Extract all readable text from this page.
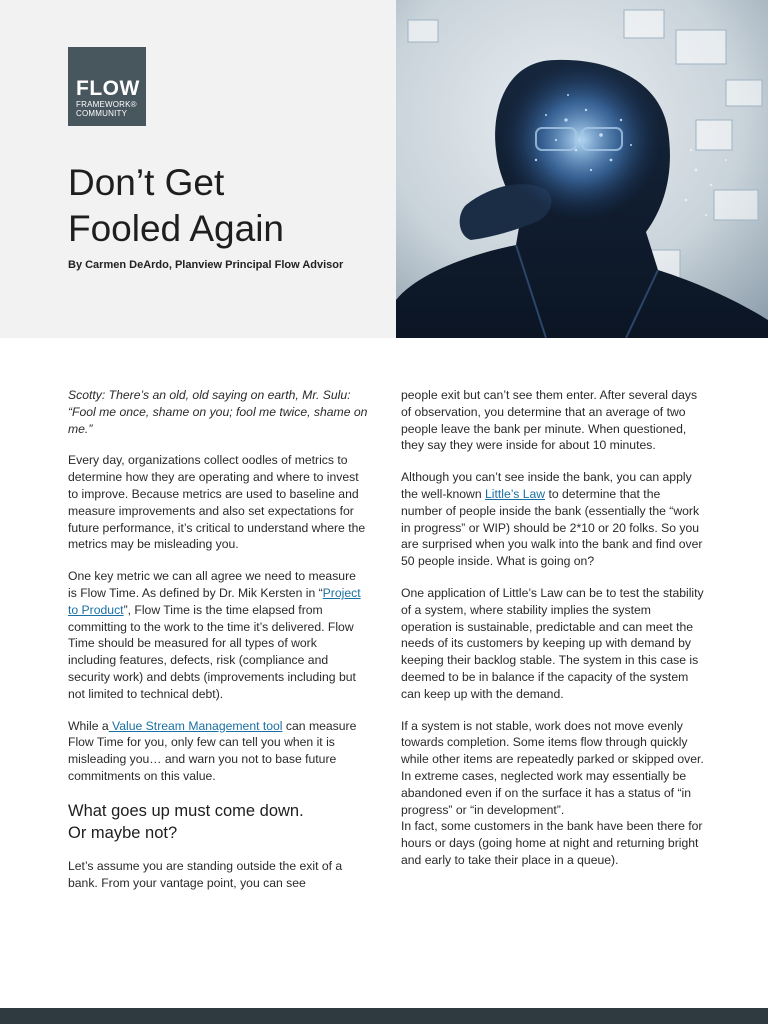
FLOW
FRAMEWORK®
COMMUNITY
Don’t Get
Fooled Again
By Carmen DeArdo, Planview Principal Flow Advisor

Scotty: There’s an old, old saying on earth, Mr. Sulu: “Fool me once, shame on you; fool me twice, shame on me.”

Every day, organizations collect oodles of metrics to determine how they are operating and where to invest to improve. Because metrics are used to baseline and measure improvements and also set expectations for future performance, it’s critical to understand where the metrics may be misleading you.

One key metric we can all agree we need to measure is Flow Time. As defined by Dr. Mik Kersten in “Project to Product”, Flow Time is the time elapsed from committing to the work to the time it’s delivered. Flow Time should be measured for all types of work including features, defects, risk (compliance and security work) and debts (improvements including but not limited to technical debt).

While a Value Stream Management tool can measure Flow Time for you, only few can tell you when it is misleading you… and warn you not to base future commitments on this value.

What goes up must come down.
Or maybe not?

Let’s assume you are standing outside the exit of a bank. From your vantage point, you can see

people exit but can’t see them enter. After several days of observation, you determine that an average of two people leave the bank per minute. When questioned, they say they were inside for about 10 minutes.

Although you can’t see inside the bank, you can apply the well-known Little’s Law to determine that the number of people inside the bank (essentially the “work in progress” or WIP) should be 2*10 or 20 folks. So you are surprised when you walk into the bank and find over 50 people inside. What is going on?

One application of Little’s Law can be to test the stability of a system, where stability implies the system operation is sustainable, predictable and can meet the needs of its customers by keeping up with demand by keeping their backlog stable. The system in this case is deemed to be in balance if the capacity of the system can keep up with the demand.

If a system is not stable, work does not move evenly towards completion. Some items flow through quickly while other items are repeatedly parked or skipped over. In extreme cases, neglected work may essentially be abandoned even if on the surface it has a status of “in progress” or “in development”.

In fact, some customers in the bank have been there for hours or days (going home at night and returning bright and early to take their place in a queue).
